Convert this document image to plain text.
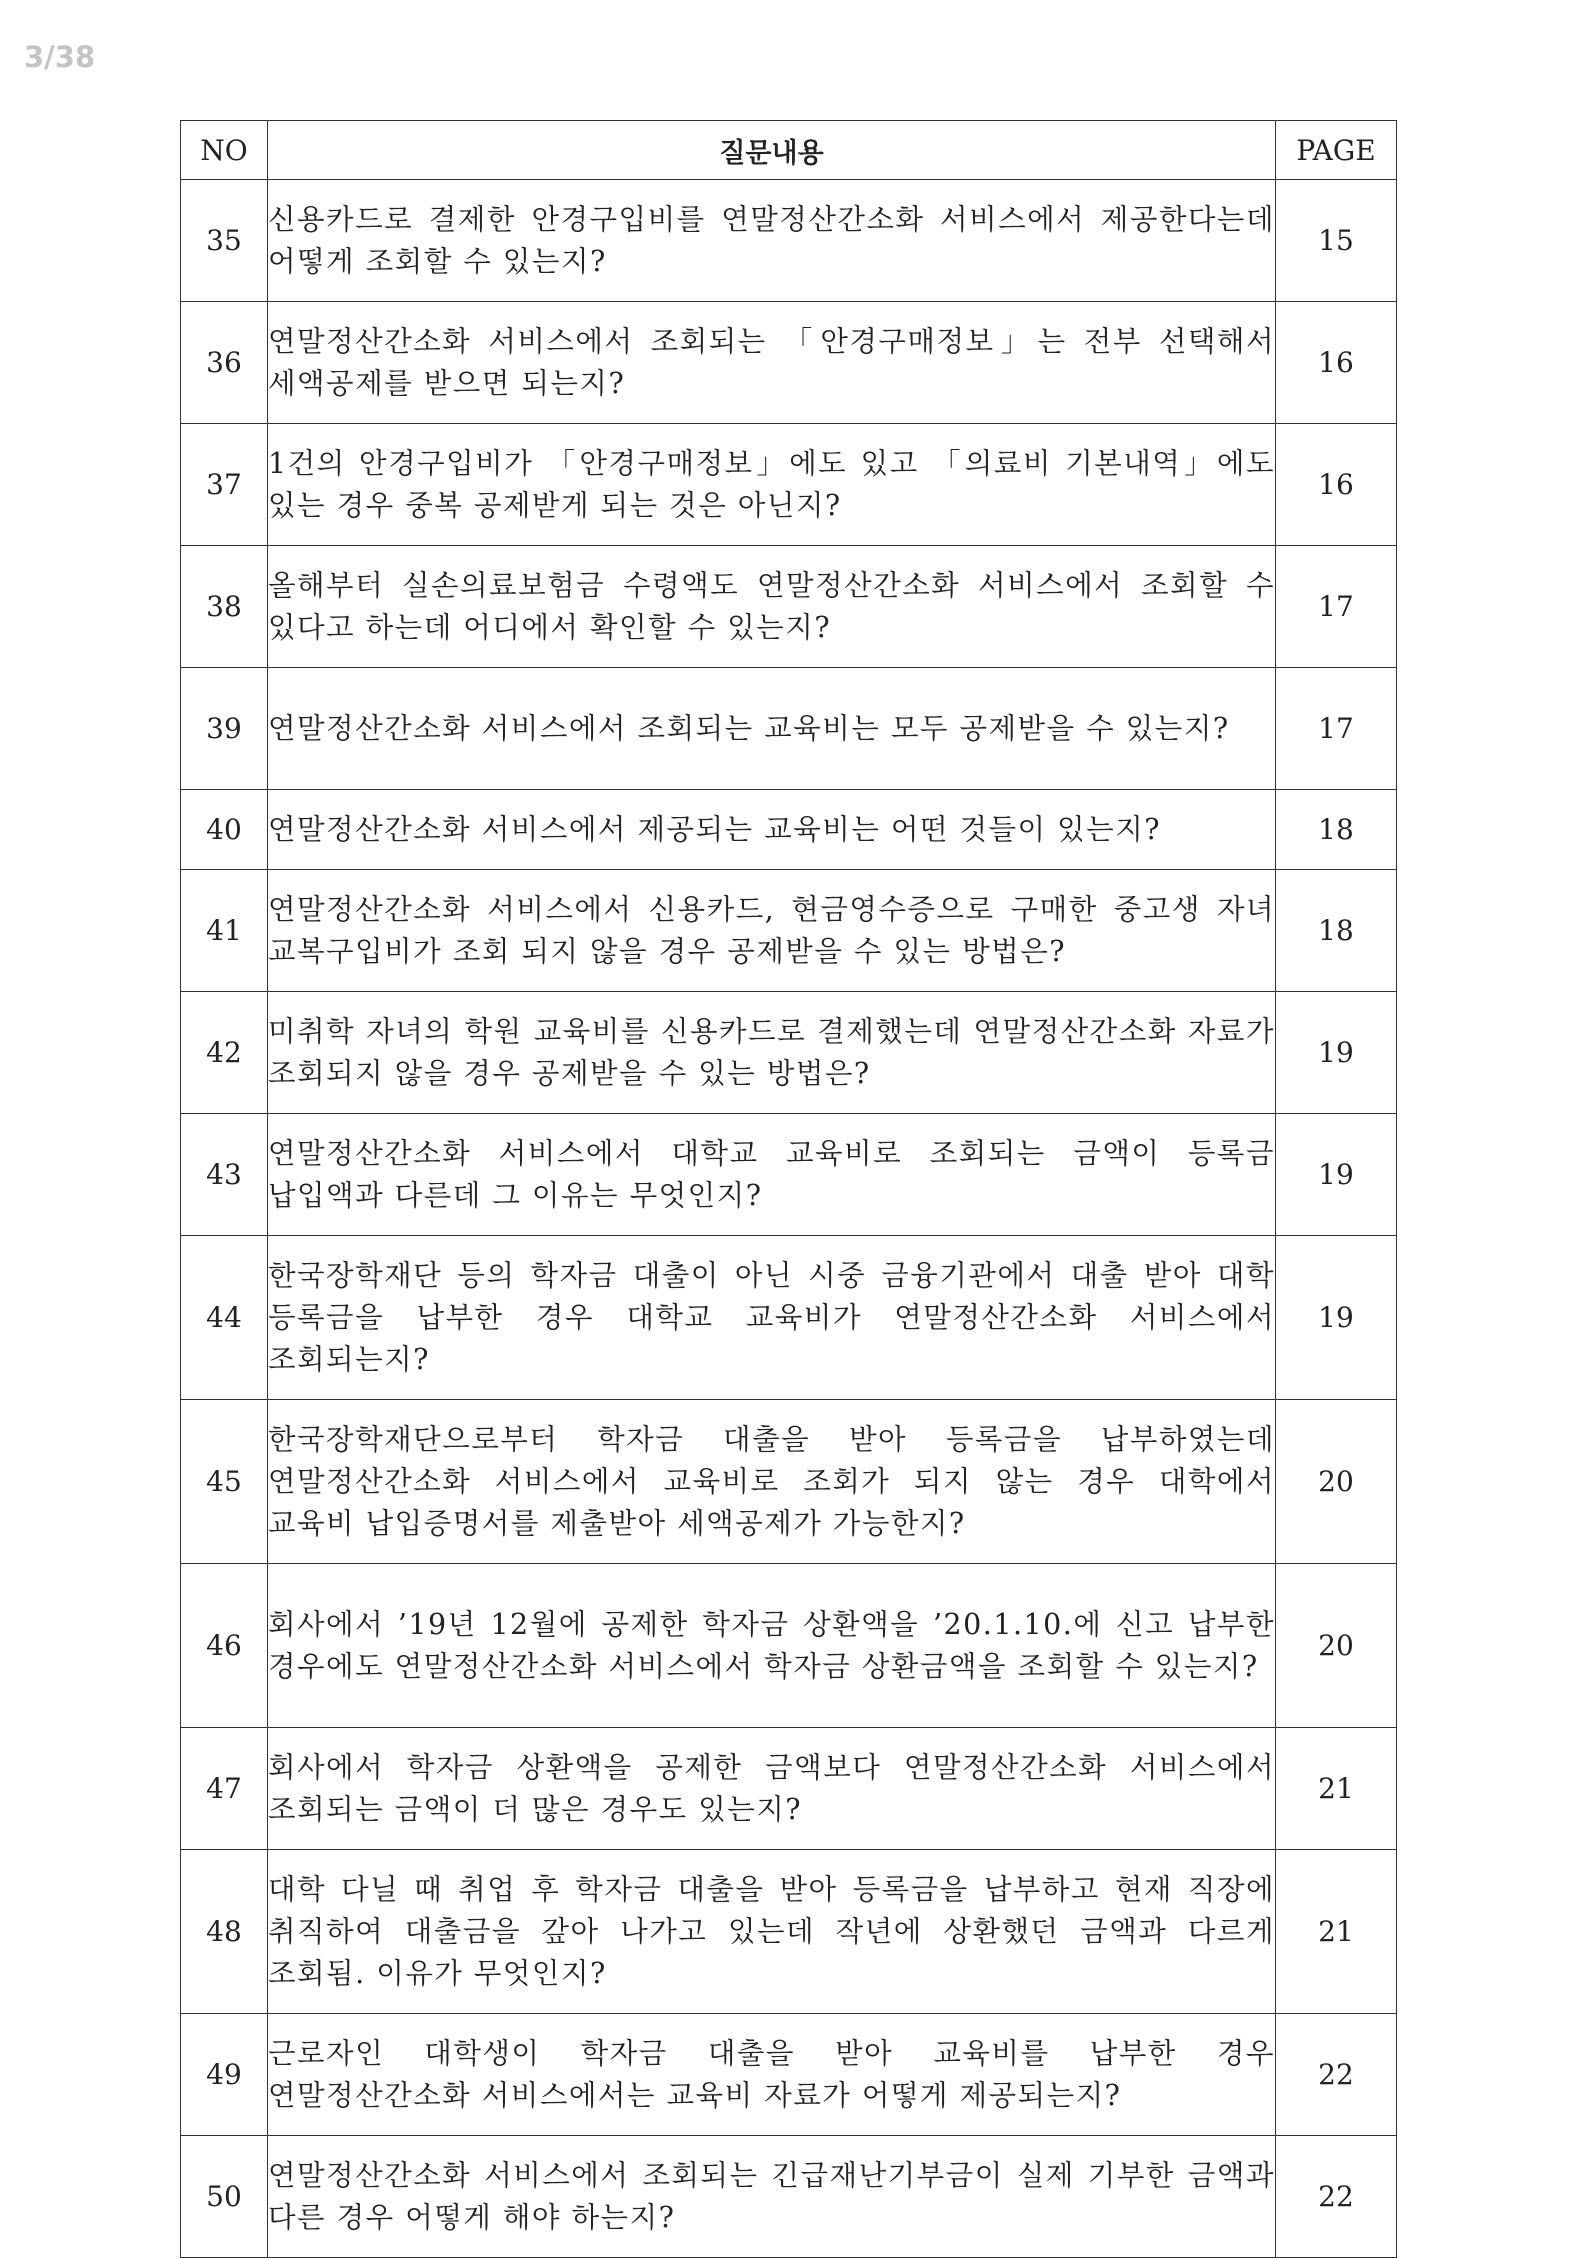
3/38
NO	질문내용	PAGE
35	신용카드로 결제한 안경구입비를 연말정산간소화 서비스에서 제공한다는데 어떻게 조회할 수 있는지?	15
36	연말정산간소화 서비스에서 조회되는 「안경구매정보」는 전부 선택해서 세액공제를 받으면 되는지?	16
37	1건의 안경구입비가 「안경구매정보」에도 있고 「의료비 기본내역」에도 있는 경우 중복 공제받게 되는 것은 아닌지?	16
38	올해부터 실손의료보험금 수령액도 연말정산간소화 서비스에서 조회할 수 있다고 하는데 어디에서 확인할 수 있는지?	17
39	연말정산간소화 서비스에서 조회되는 교육비는 모두 공제받을 수 있는지?	17
40	연말정산간소화 서비스에서 제공되는 교육비는 어떤 것들이 있는지?	18
41	연말정산간소화 서비스에서 신용카드, 현금영수증으로 구매한 중고생 자녀 교복구입비가 조회 되지 않을 경우 공제받을 수 있는 방법은?	18
42	미취학 자녀의 학원 교육비를 신용카드로 결제했는데 연말정산간소화 자료가 조회되지 않을 경우 공제받을 수 있는 방법은?	19
43	연말정산간소화 서비스에서 대학교 교육비로 조회되는 금액이 등록금 납입액과 다른데 그 이유는 무엇인지?	19
44	한국장학재단 등의 학자금 대출이 아닌 시중 금융기관에서 대출 받아 대학 등록금을 납부한 경우 대학교 교육비가 연말정산간소화 서비스에서 조회되는지?	19
45	한국장학재단으로부터 학자금 대출을 받아 등록금을 납부하였는데 연말정산간소화 서비스에서 교육비로 조회가 되지 않는 경우 대학에서 교육비 납입증명서를 제출받아 세액공제가 가능한지?	20
46	회사에서 ’19년 12월에 공제한 학자금 상환액을 ’20.1.10.에 신고 납부한 경우에도 연말정산간소화 서비스에서 학자금 상환금액을 조회할 수 있는지?	20
47	회사에서 학자금 상환액을 공제한 금액보다 연말정산간소화 서비스에서 조회되는 금액이 더 많은 경우도 있는지?	21
48	대학 다닐 때 취업 후 학자금 대출을 받아 등록금을 납부하고 현재 직장에 취직하여 대출금을 갚아 나가고 있는데 작년에 상환했던 금액과 다르게 조회됨. 이유가 무엇인지?	21
49	근로자인 대학생이 학자금 대출을 받아 교육비를 납부한 경우 연말정산간소화 서비스에서는 교육비 자료가 어떻게 제공되는지?	22
50	연말정산간소화 서비스에서 조회되는 긴급재난기부금이 실제 기부한 금액과 다른 경우 어떻게 해야 하는지?	22
